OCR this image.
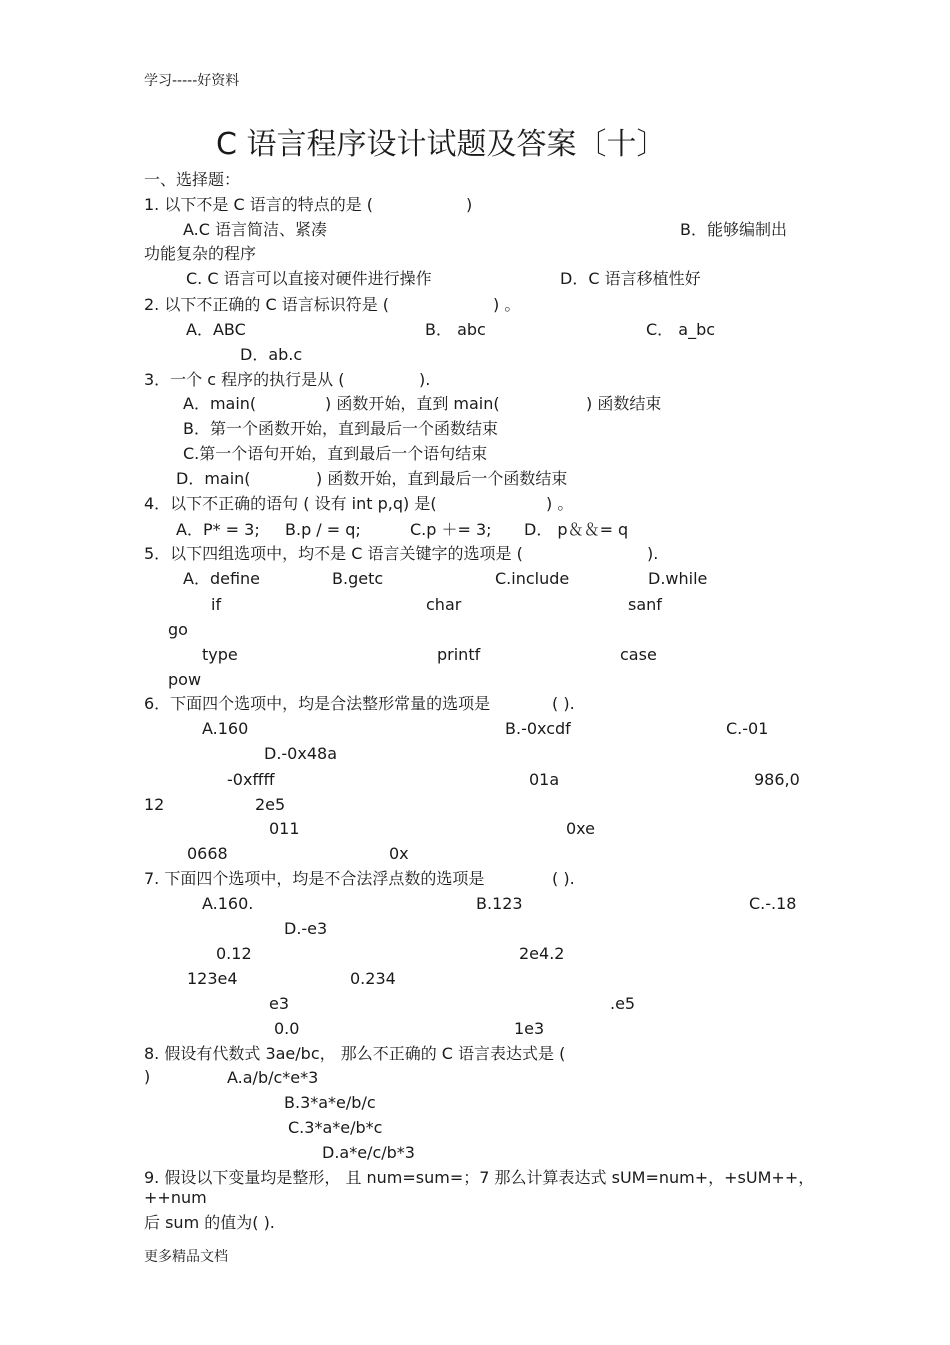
学习-----好资料
C 语言程序设计试题及答案〔十〕
一、选择题：
1. 以下不是 C 语言的特点的是 (	)
A.C 语言简洁、紧凑	B．能够编制出
功能复杂的程序
C. C 语言可以直接对硬件进行操作	D．C 语言移植性好
2. 以下不正确的 C 语言标识符是 (	) 。
A．ABC	B． abc	C． a_bc
D．ab.c
3．一个 c 程序的执行是从 (	).
A．main(	) 函数开始，直到 main(	) 函数结束
B．第一个函数开始，直到最后一个函数结束
C.第一个语句开始，直到最后一个语句结束
D．main(	) 函数开始，直到最后一个函数结束
4．以下不正确的语句 ( 设有 int p,q) 是(	) 。
A．P* = 3; B.p / = q;	C.p ＋= 3; D． p＆＆= q
5．以下四组选项中，均不是 C 语言关键字的选项是 (	).
A．define	B.getc	C.include	D.while
if	char	sanf
go
type	printf	case
pow
6．下面四个选项中，均是合法整形常量的选项是	( ).
A.160	B.-0xcdf	C.-01
D.-0x48a
-0xffff	01a	986,0
12	2e5
011	0xe
0668	0x
7. 下面四个选项中，均是不合法浮点数的选项是	( ).
A.160.	B.123	C.-.18
D.-e3
0.12	2e4.2
123e4	0.234
e3	.e5
0.0	1e3
8. 假设有代数式 3ae/bc， 那么不正确的 C 语言表达式是 (
)	A.a/b/c*e*3
B.3*a*e/b/c
C.3*a*e/b*c
D.a*e/c/b*3
9. 假设以下变量均是整形， 且 num=sum=；7 那么计算表达式 sUM=num+，+sUM++，
++num
后 sum 的值为( ).
更多精品文档
